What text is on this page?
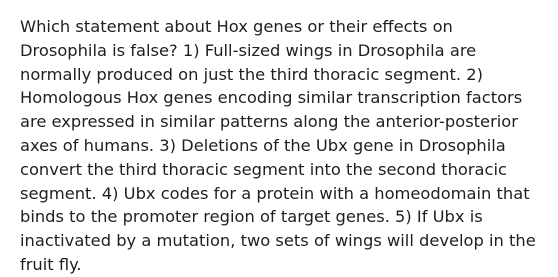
Which statement about Hox genes or their effects on Drosophila is false? 1) Full-sized wings in Drosophila are normally produced on just the third thoracic segment. 2) Homologous Hox genes encoding similar transcription factors are expressed in similar patterns along the anterior-posterior axes of humans. 3) Deletions of the Ubx gene in Drosophila convert the third thoracic segment into the second thoracic segment. 4) Ubx codes for a protein with a homeodomain that binds to the promoter region of target genes. 5) If Ubx is inactivated by a mutation, two sets of wings will develop in the fruit fly.
